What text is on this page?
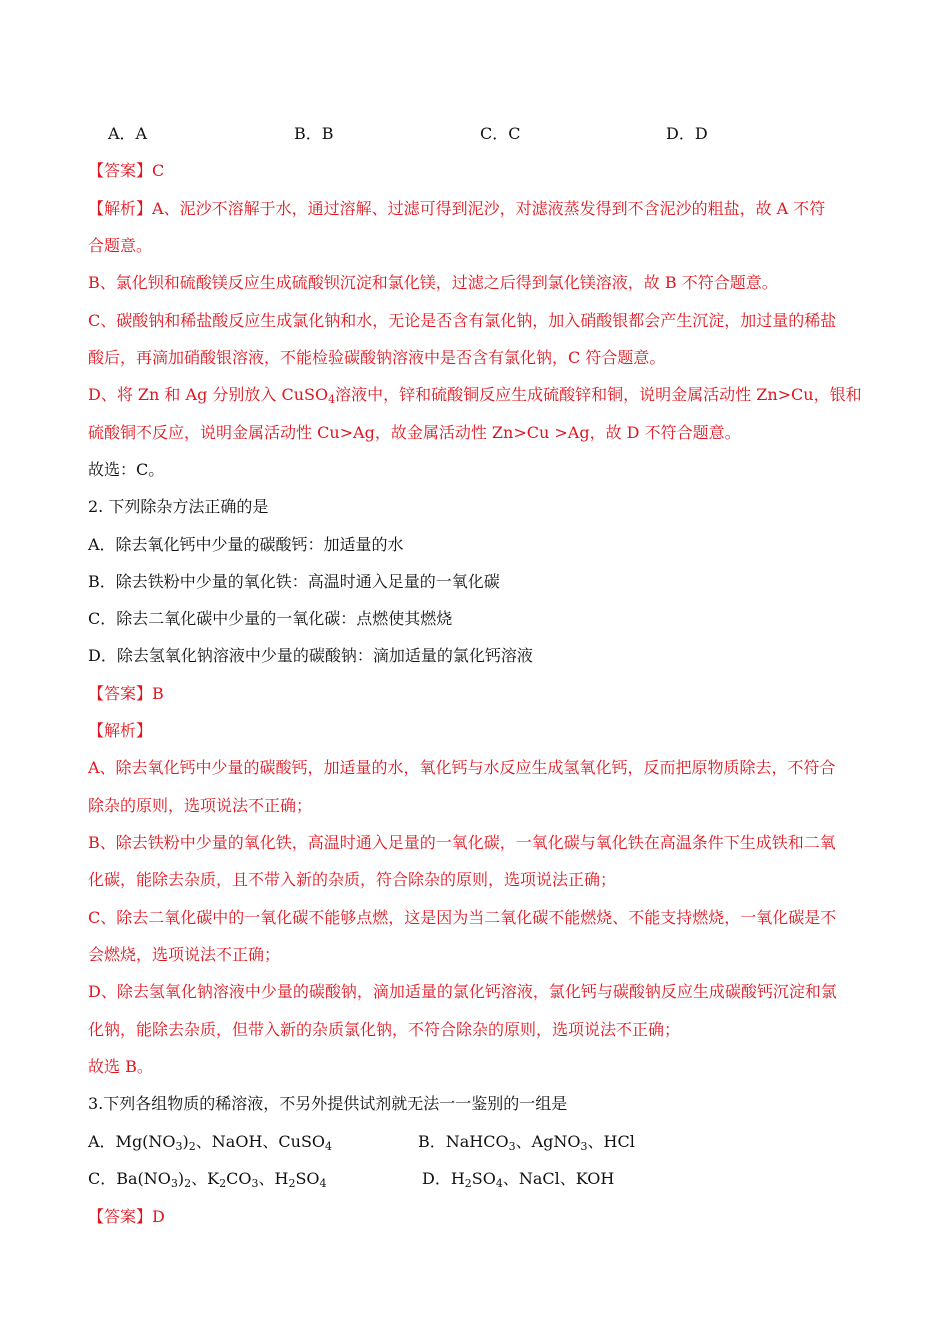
A．A	B．B	C．C	D．D
【答案】C
【解析】A、泥沙不溶解于水，通过溶解、过滤可得到泥沙，对滤液蒸发得到不含泥沙的粗盐，故 A 不符
合题意。
B、氯化钡和硫酸镁反应生成硫酸钡沉淀和氯化镁，过滤之后得到氯化镁溶液，故 B 不符合题意。
C、碳酸钠和稀盐酸反应生成氯化钠和水，无论是否含有氯化钠，加入硝酸银都会产生沉淀，加过量的稀盐
酸后，再滴加硝酸银溶液，不能检验碳酸钠溶液中是否含有氯化钠，C 符合题意。
D、将 Zn 和 Ag 分别放入 CuSO$_4$溶液中，锌和硫酸铜反应生成硫酸锌和铜，说明金属活动性 Zn>Cu，银和
硫酸铜不反应，说明金属活动性 Cu>Ag，故金属活动性 Zn>Cu >Ag，故 D 不符合题意。
故选：C。
2. 下列除杂方法正确的是
A．除去氧化钙中少量的碳酸钙：加适量的水
B．除去铁粉中少量的氧化铁：高温时通入足量的一氧化碳
C．除去二氧化碳中少量的一氧化碳：点燃使其燃烧
D．除去氢氧化钠溶液中少量的碳酸钠：滴加适量的氯化钙溶液
【答案】B
【解析】
A、除去氧化钙中少量的碳酸钙，加适量的水，氧化钙与水反应生成氢氧化钙，反而把原物质除去，不符合
除杂的原则，选项说法不正确；
B、除去铁粉中少量的氧化铁，高温时通入足量的一氧化碳，一氧化碳与氧化铁在高温条件下生成铁和二氧
化碳，能除去杂质，且不带入新的杂质，符合除杂的原则，选项说法正确；
C、除去二氧化碳中的一氧化碳不能够点燃，这是因为当二氧化碳不能燃烧、不能支持燃烧，一氧化碳是不
会燃烧，选项说法不正确；
D、除去氢氧化钠溶液中少量的碳酸钠，滴加适量的氯化钙溶液，氯化钙与碳酸钠反应生成碳酸钙沉淀和氯
化钠，能除去杂质，但带入新的杂质氯化钠，不符合除杂的原则，选项说法不正确；
故选 B。
3.下列各组物质的稀溶液，不另外提供试剂就无法一一鉴别的一组是
A．$Mg(NO_3)_2$、NaOH、CuSO$_4$	B．NaHCO$_3$、AgNO$_3$、HCl
C．$Ba(NO_3)_2$、$K_2CO_3$、$H_2SO_4$	D．$H_2SO_4$、NaCl、KOH
【答案】D
